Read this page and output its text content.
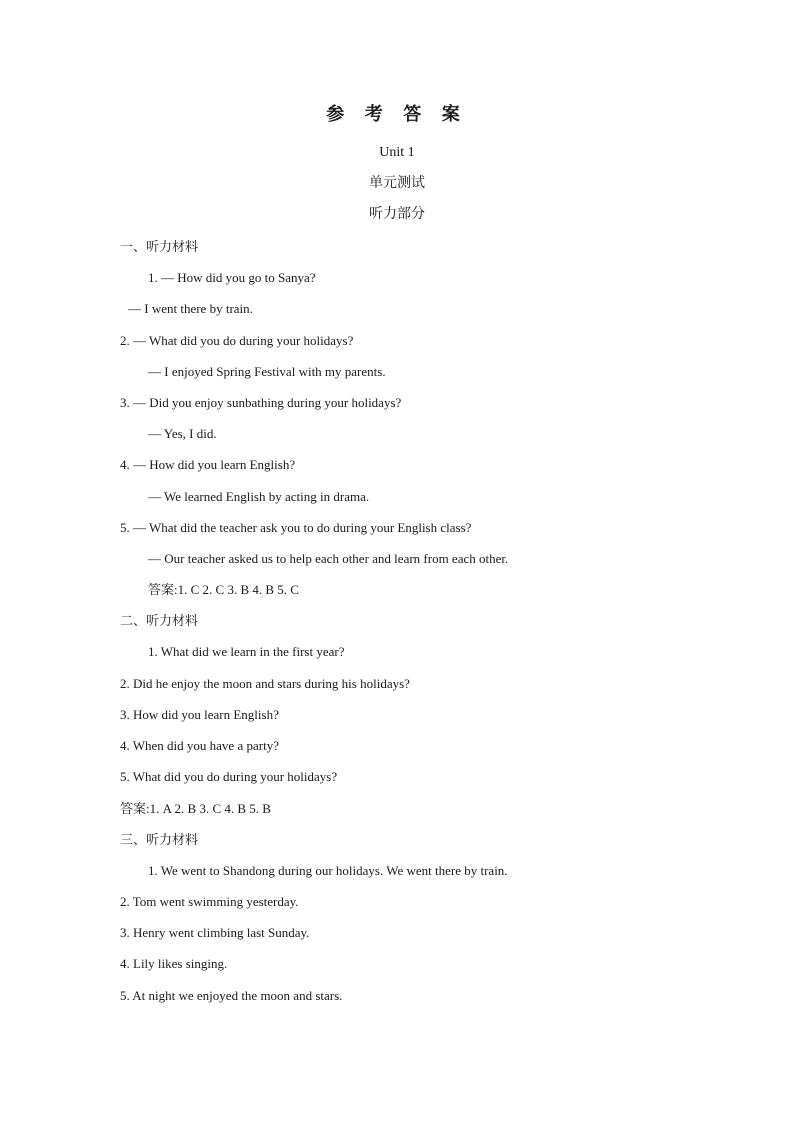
参 考 答 案
Unit 1
单元测试
听力部分
一、听力材料
1. — How did you go to Sanya?
— I went there by train.
2. — What did you do during your holidays?
— I enjoyed Spring Festival with my parents.
3. — Did you enjoy sunbathing during your holidays?
— Yes, I did.
4. — How did you learn English?
— We learned English by acting in drama.
5. — What did the teacher ask you to do during your English class?
— Our teacher asked us to help each other and learn from each other.
答案:1. C 2. C 3. B 4. B 5. C
二、听力材料
1. What did we learn in the first year?
2. Did he enjoy the moon and stars during his holidays?
3. How did you learn English?
4. When did you have a party?
5. What did you do during your holidays?
答案:1. A 2. B 3. C 4. B 5. B
三、听力材料
1. We went to Shandong during our holidays. We went there by train.
2. Tom went swimming yesterday.
3. Henry went climbing last Sunday.
4. Lily likes singing.
5. At night we enjoyed the moon and stars.
